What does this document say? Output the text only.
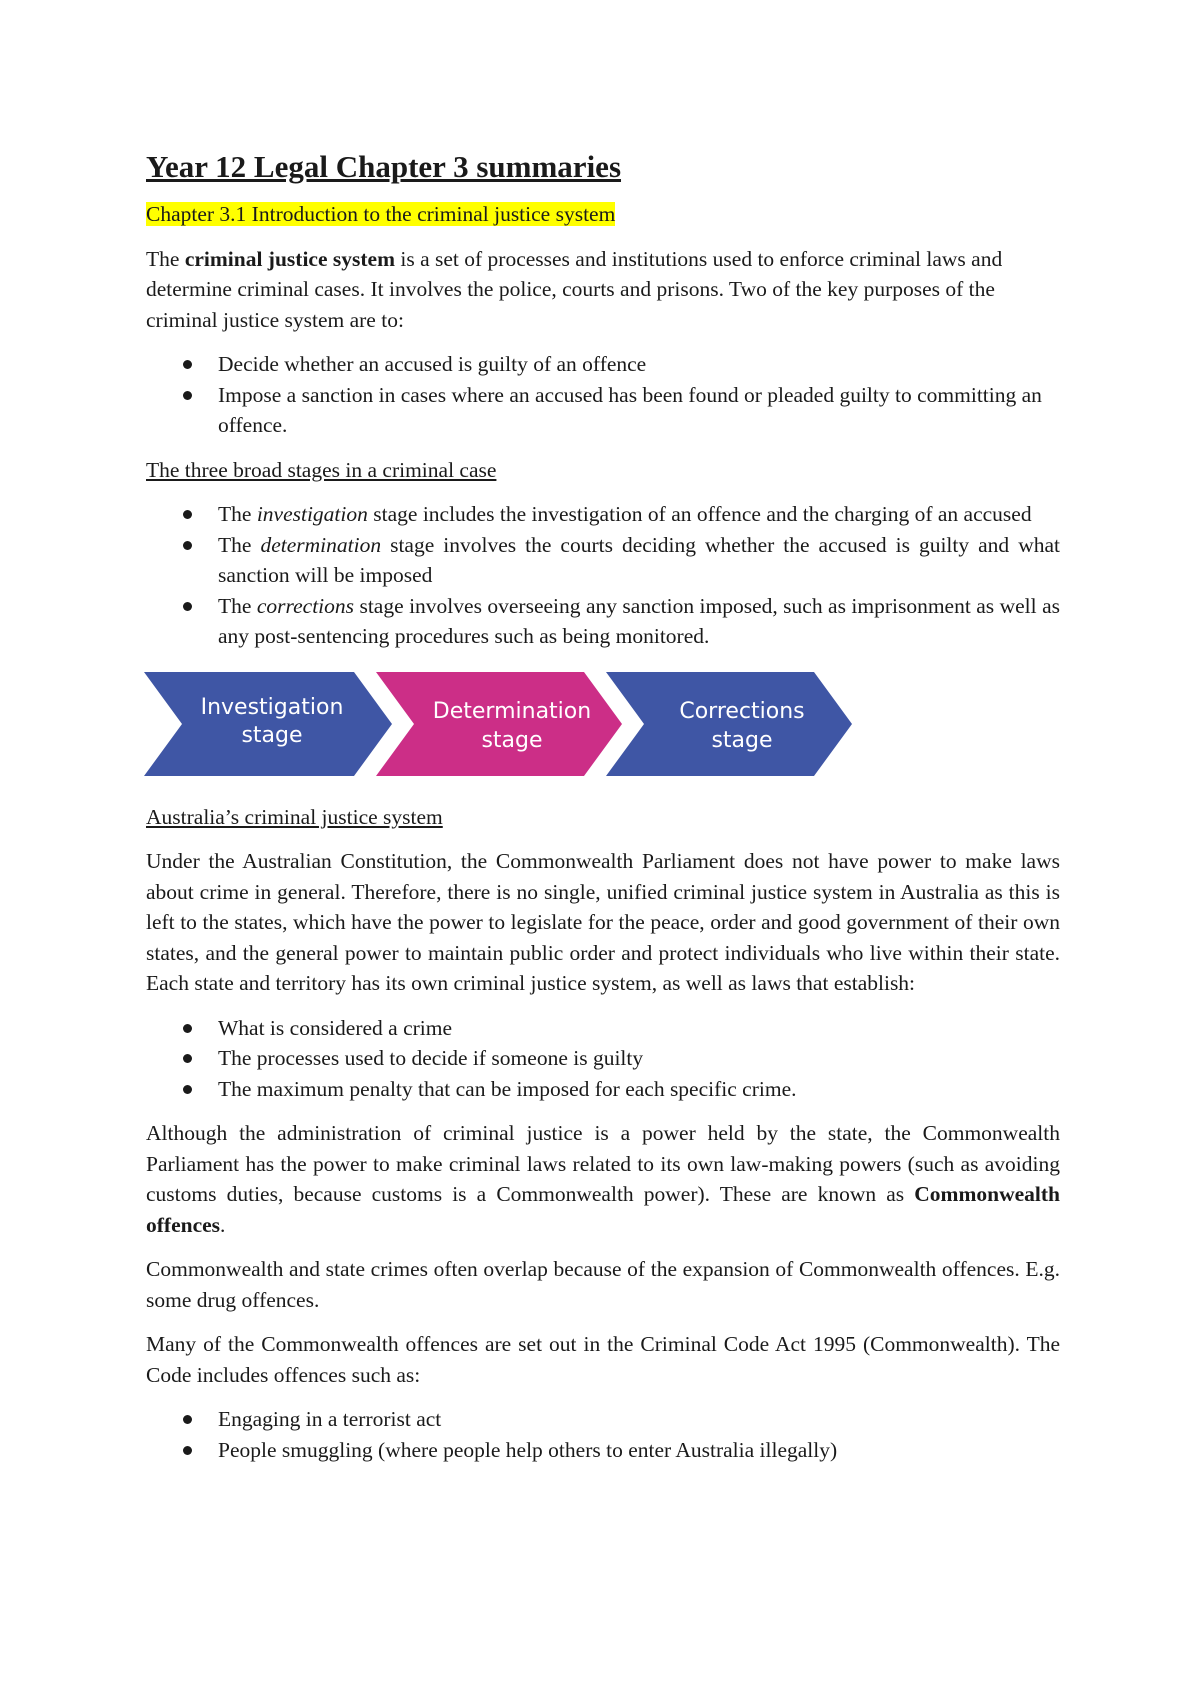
Year 12 Legal Chapter 3 summaries

Chapter 3.1 Introduction to the criminal justice system

The criminal justice system is a set of processes and institutions used to enforce criminal laws and determine criminal cases. It involves the police, courts and prisons. Two of the key purposes of the criminal justice system are to:

Decide whether an accused is guilty of an offence
Impose a sanction in cases where an accused has been found or pleaded guilty to committing an offence.
The three broad stages in a criminal case
The investigation stage includes the investigation of an offence and the charging of an accused
The determination stage involves the courts deciding whether the accused is guilty and what sanction will be imposed
The corrections stage involves overseeing any sanction imposed, such as imprisonment as well as any post-sentencing procedures such as being monitored.
Investigation
stage
Determination
stage
Corrections
stage
Australia’s criminal justice system

Under the Australian Constitution, the Commonwealth Parliament does not have power to make laws about crime in general. Therefore, there is no single, unified criminal justice system in Australia as this is left to the states, which have the power to legislate for the peace, order and good government of their own states, and the general power to maintain public order and protect individuals who live within their state. Each state and territory has its own criminal justice system, as well as laws that establish:

What is considered a crime
The processes used to decide if someone is guilty
The maximum penalty that can be imposed for each specific crime.

Although the administration of criminal justice is a power held by the state, the Commonwealth Parliament has the power to make criminal laws related to its own law-making powers (such as avoiding customs duties, because customs is a Commonwealth power). These are known as Commonwealth offences.

Commonwealth and state crimes often overlap because of the expansion of Commonwealth offences. E.g. some drug offences.

Many of the Commonwealth offences are set out in the Criminal Code Act 1995 (Commonwealth). The Code includes offences such as:

Engaging in a terrorist act
People smuggling (where people help others to enter Australia illegally)
